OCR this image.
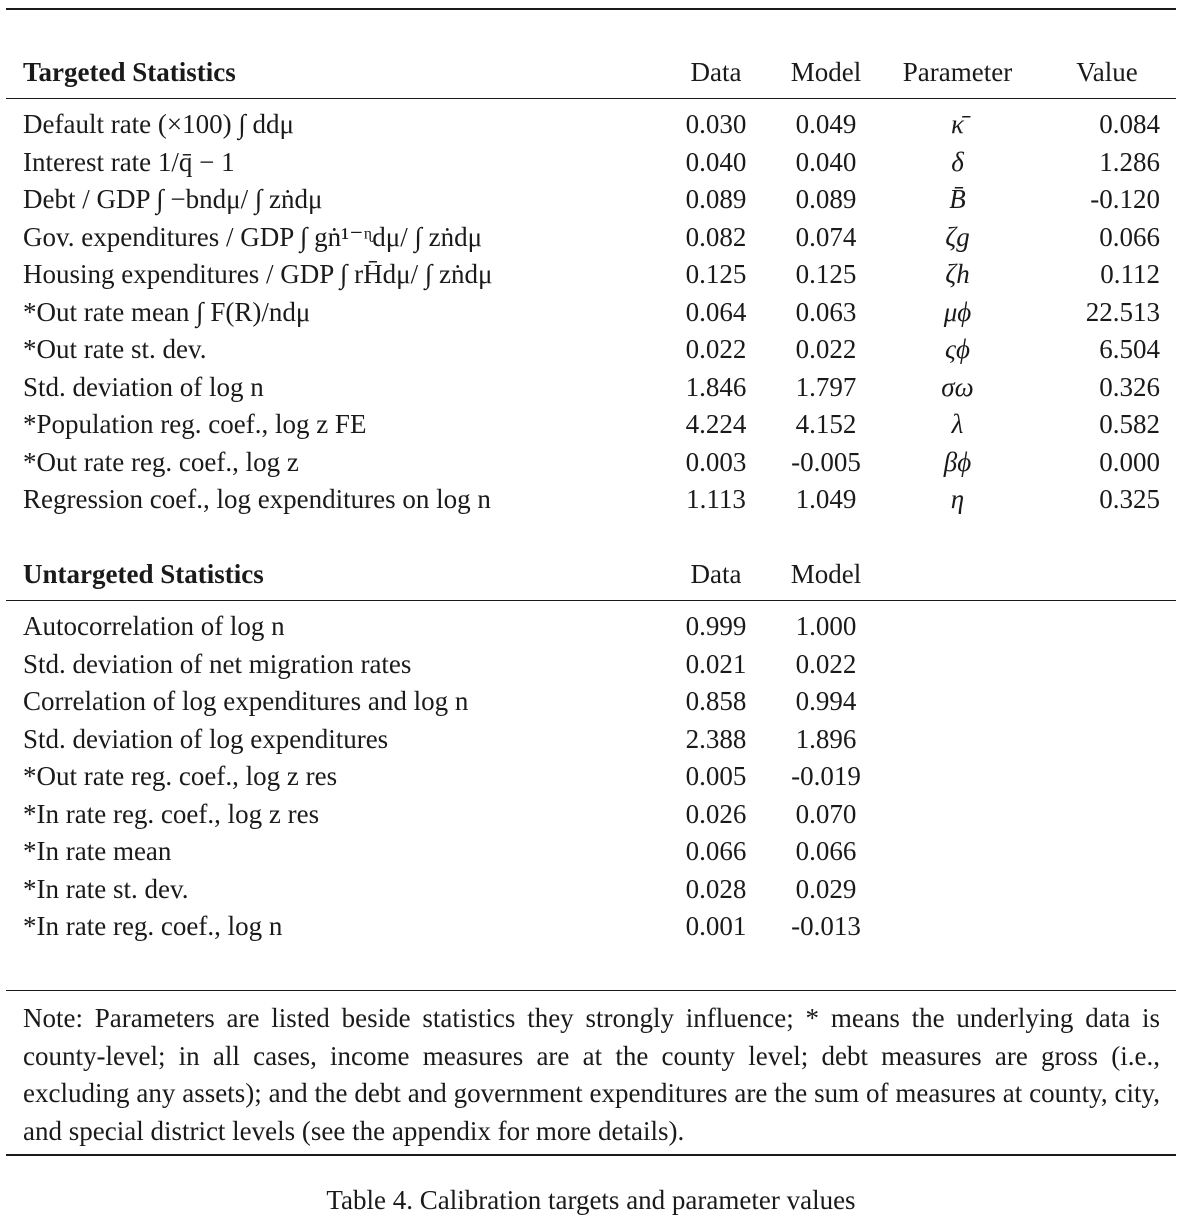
Targeted Statistics	Data	Model	Parameter	Value
Default rate (×100) ∫ ddμ	0.030	0.049	κ̄	0.084
Interest rate 1/q̄ − 1	0.040	0.040	δ	1.286
Debt / GDP ∫ −bndμ/ ∫ zṅdμ	0.089	0.089	B̄	-0.120
Gov. expenditures / GDP ∫ gṅ¹⁻ᶯdμ/ ∫ zṅdμ	0.082	0.074	ζg	0.066
Housing expenditures / GDP ∫ rH̄dμ/ ∫ zṅdμ	0.125	0.125	ζh	0.112
*Out rate mean ∫ F(R)/ndμ	0.064	0.063	μϕ	22.513
*Out rate st. dev.	0.022	0.022	ςϕ	6.504
Std. deviation of log n	1.846	1.797	σω	0.326
*Population reg. coef., log z FE	4.224	4.152	λ	0.582
*Out rate reg. coef., log z	0.003	-0.005	βϕ	0.000
Regression coef., log expenditures on log n	1.113	1.049	η	0.325
Untargeted Statistics	Data	Model
Autocorrelation of log n	0.999	1.000
Std. deviation of net migration rates	0.021	0.022
Correlation of log expenditures and log n	0.858	0.994
Std. deviation of log expenditures	2.388	1.896
*Out rate reg. coef., log z res	0.005	-0.019
*In rate reg. coef., log z res	0.026	0.070
*In rate mean	0.066	0.066
*In rate st. dev.	0.028	0.029
*In rate reg. coef., log n	0.001	-0.013
Note: Parameters are listed beside statistics they strongly influence; * means the underlying data is county-level; in all cases, income measures are at the county level; debt measures are gross (i.e., excluding any assets); and the debt and government expenditures are the sum of measures at county, city, and special district levels (see the appendix for more details).
Table 4. Calibration targets and parameter values
